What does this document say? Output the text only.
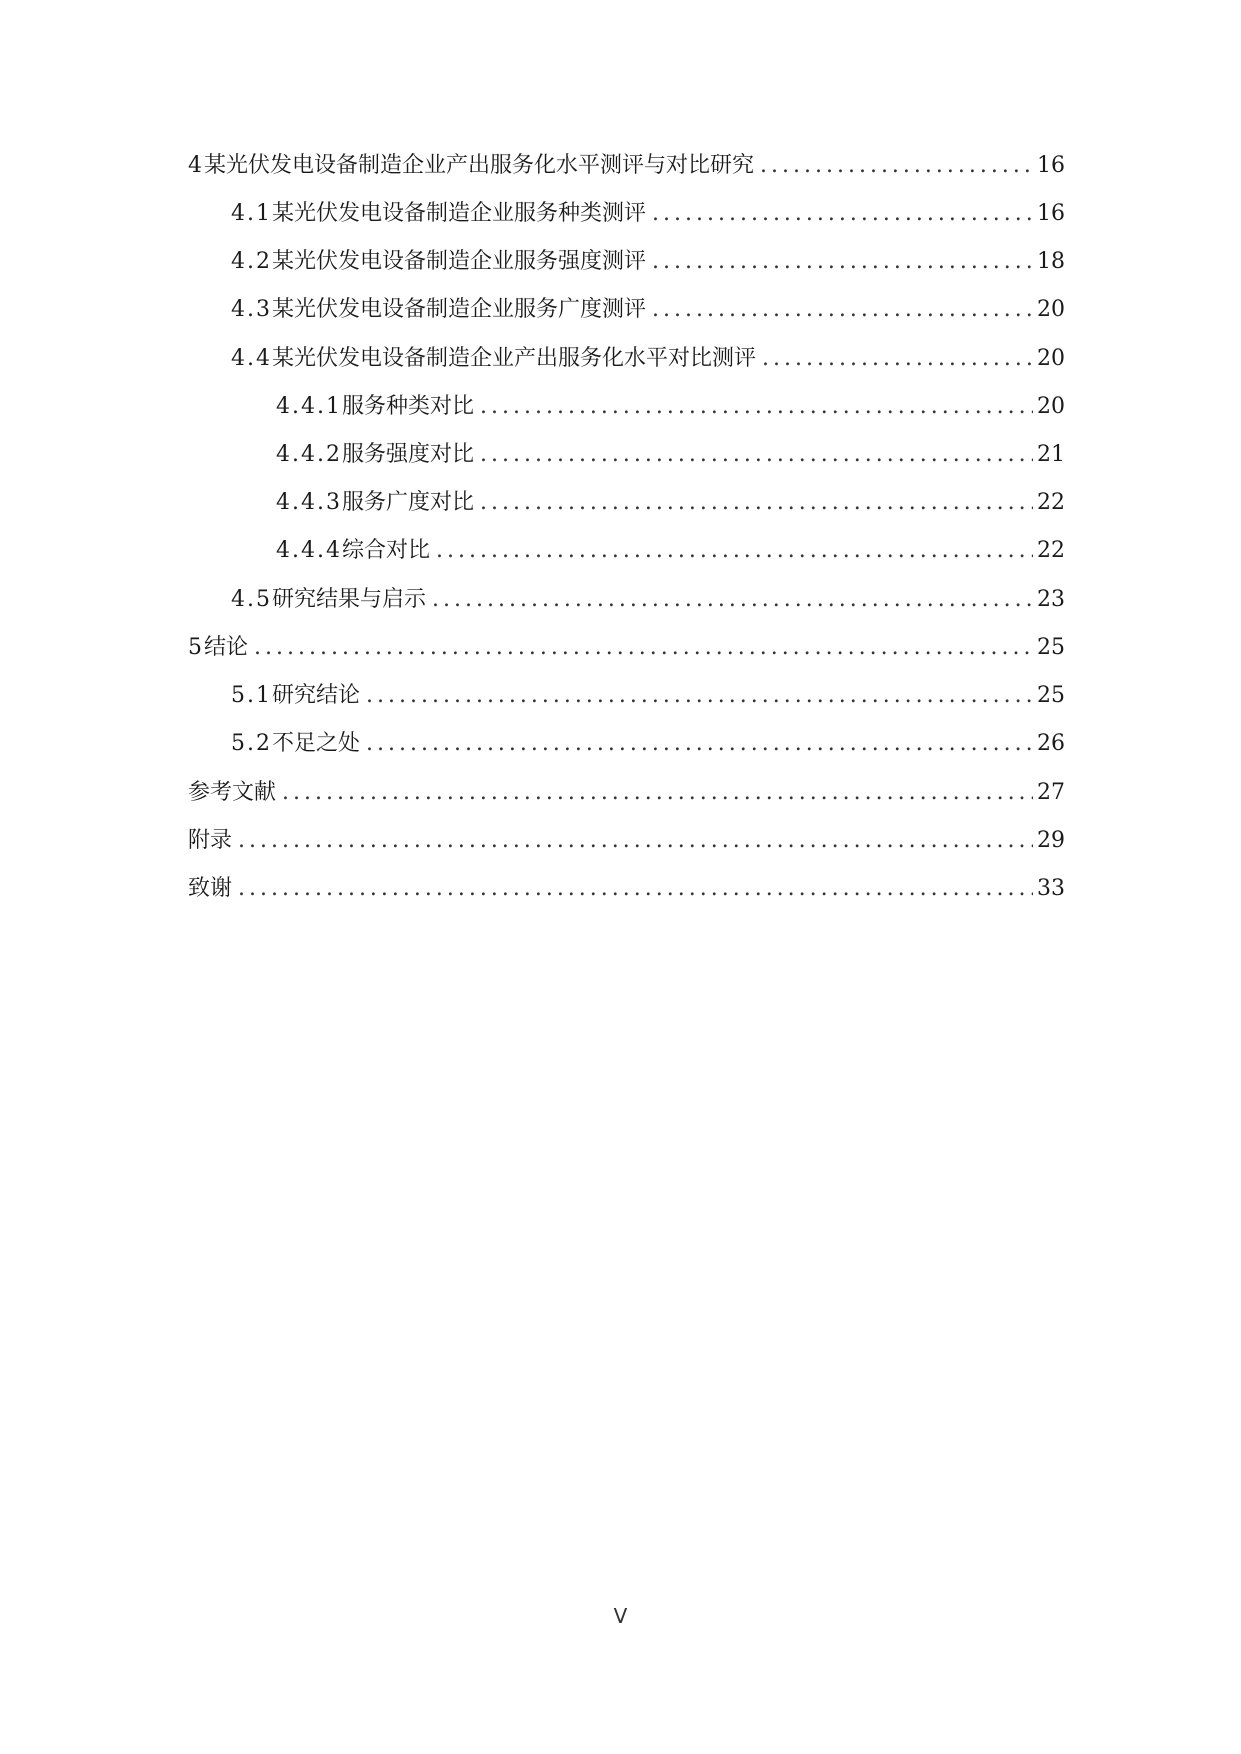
4 某光伏发电设备制造企业产出服务化水平测评与对比研究 .....	16
4.1 某光伏发电设备制造企业服务种类测评 .....	16
4.2 某光伏发电设备制造企业服务强度测评 .....	18
4.3 某光伏发电设备制造企业服务广度测评 .....	20
4.4 某光伏发电设备制造企业产出服务化水平对比测评 .....	20
4.4.1 服务种类对比 .....	20
4.4.2 服务强度对比 .....	21
4.4.3 服务广度对比 .....	22
4.4.4 综合对比 .....	22
4.5 研究结果与启示 .....	23
5 结论 .....	25
5.1 研究结论 .....	25
5.2 不足之处 .....	26
参考文献 .....	27
附录 .....	29
致谢 .....	33
V
